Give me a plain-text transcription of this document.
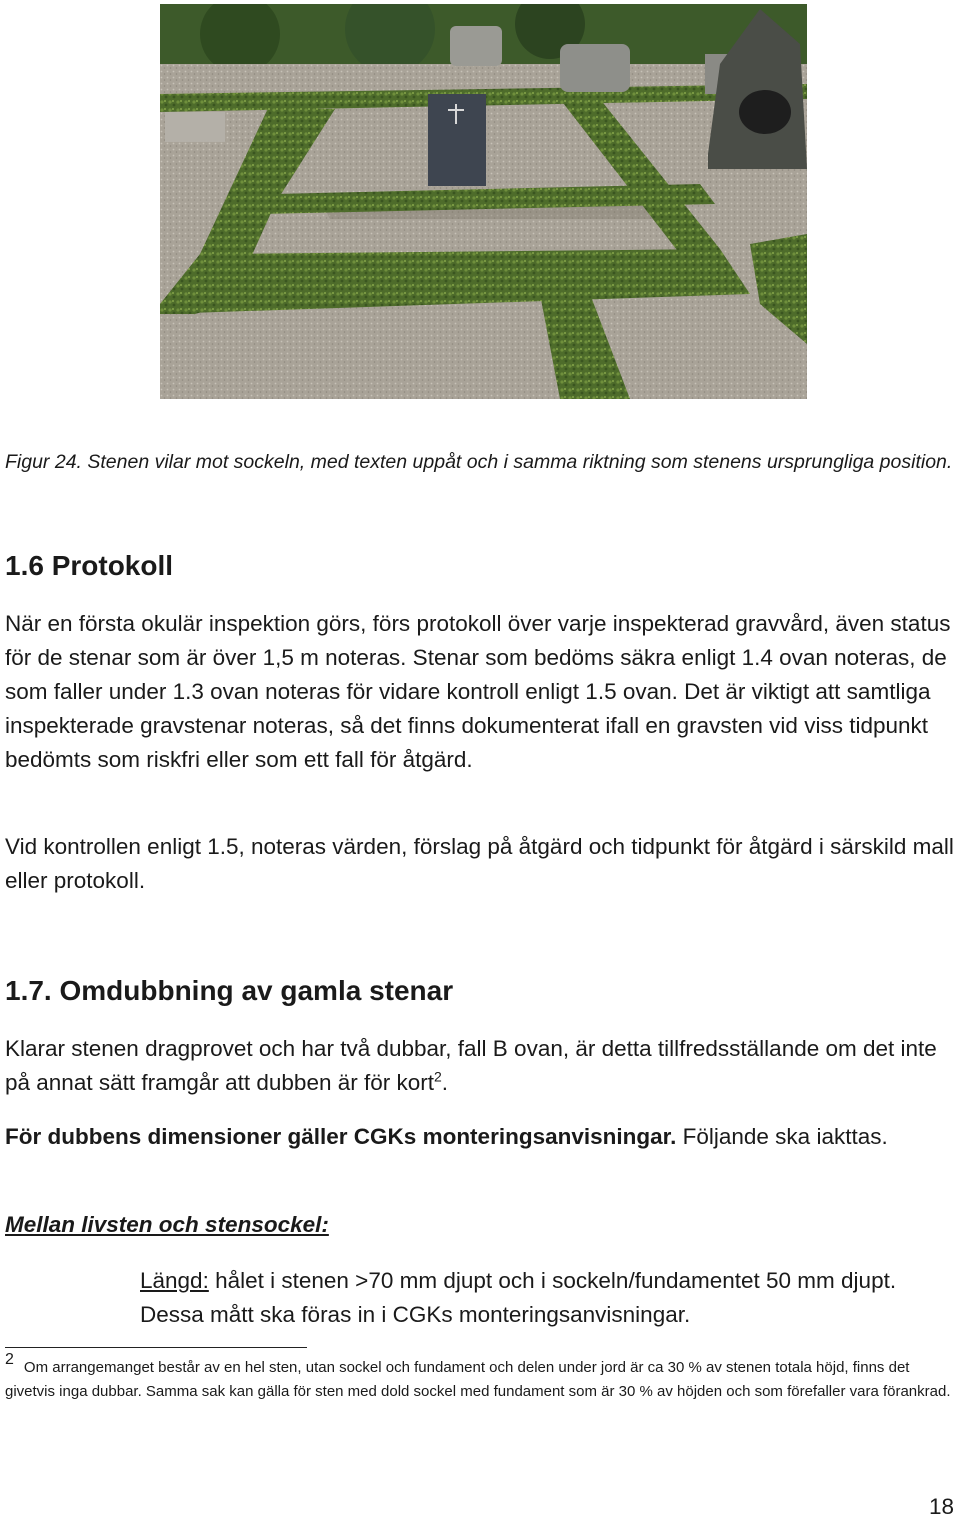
Figur 24. Stenen vilar mot sockeln, med texten uppåt och i samma riktning som stenens ursprungliga position.

1.6 Protokoll

När en första okulär inspektion görs, förs protokoll över varje inspekterad gravvård, även status för de stenar som är över 1,5 m noteras. Stenar som bedöms säkra enligt 1.4 ovan noteras, de som faller under 1.3 ovan noteras för vidare kontroll enligt 1.5 ovan. Det är viktigt att samtliga inspekterade gravstenar noteras, så det finns dokumenterat ifall en gravsten vid viss tidpunkt bedömts som riskfri eller som ett fall för åtgärd.

Vid kontrollen enligt 1.5, noteras värden, förslag på åtgärd och tidpunkt för åtgärd i särskild mall eller protokoll.

1.7. Omdubbning av gamla stenar

Klarar stenen dragprovet och har två dubbar, fall B ovan, är detta tillfredsställande om det inte på annat sätt framgår att dubben är för kort$^2$.

För dubbens dimensioner gäller CGKs monteringsanvisningar. Följande ska iakttas.

Mellan livsten och stensockel:

Längd: hålet i stenen >70 mm djupt och i sockeln/fundamentet 50 mm djupt. Dessa mått ska föras in i CGKs monteringsanvisningar.

2 Om arrangemanget består av en hel sten, utan sockel och fundament och delen under jord är ca 30 % av stenen totala höjd, finns det givetvis inga dubbar. Samma sak kan gälla för sten med dold sockel med fundament som är 30 % av höjden och som förefaller vara förankrad.

18
